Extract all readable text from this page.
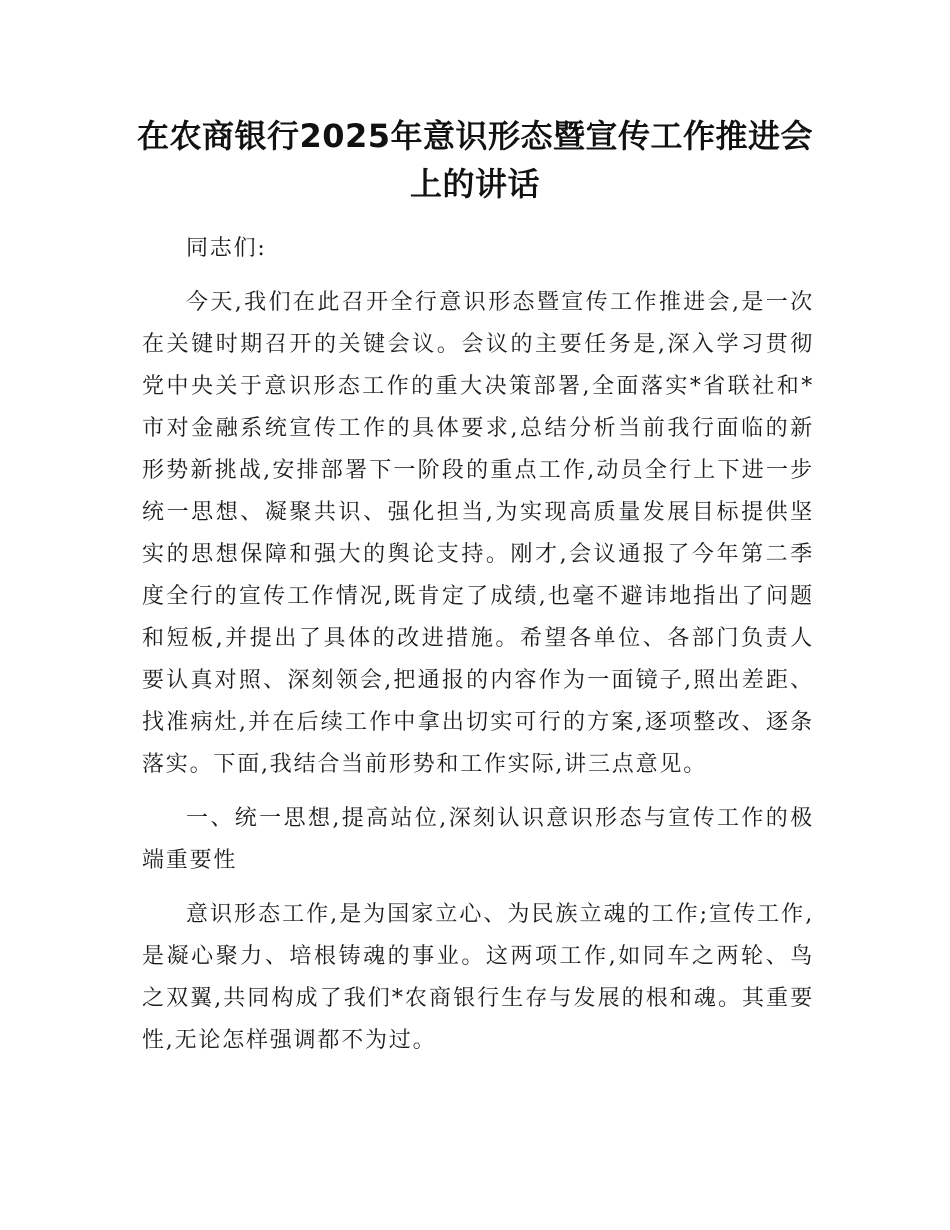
在农商银行2025年意识形态暨宣传工作推进会上的讲话

同志们:

今天,我们在此召开全行意识形态暨宣传工作推进会,是一次在关键时期召开的关键会议。会议的主要任务是,深入学习贯彻党中央关于意识形态工作的重大决策部署,全面落实*省联社和*市对金融系统宣传工作的具体要求,总结分析当前我行面临的新形势新挑战,安排部署下一阶段的重点工作,动员全行上下进一步统一思想、凝聚共识、强化担当,为实现高质量发展目标提供坚实的思想保障和强大的舆论支持。刚才,会议通报了今年第二季度全行的宣传工作情况,既肯定了成绩,也毫不避讳地指出了问题和短板,并提出了具体的改进措施。希望各单位、各部门负责人要认真对照、深刻领会,把通报的内容作为一面镜子,照出差距、找准病灶,并在后续工作中拿出切实可行的方案,逐项整改、逐条落实。下面,我结合当前形势和工作实际,讲三点意见。

一、统一思想,提高站位,深刻认识意识形态与宣传工作的极端重要性

意识形态工作,是为国家立心、为民族立魂的工作;宣传工作,是凝心聚力、培根铸魂的事业。这两项工作,如同车之两轮、鸟之双翼,共同构成了我们*农商银行生存与发展的根和魂。其重要性,无论怎样强调都不为过。
